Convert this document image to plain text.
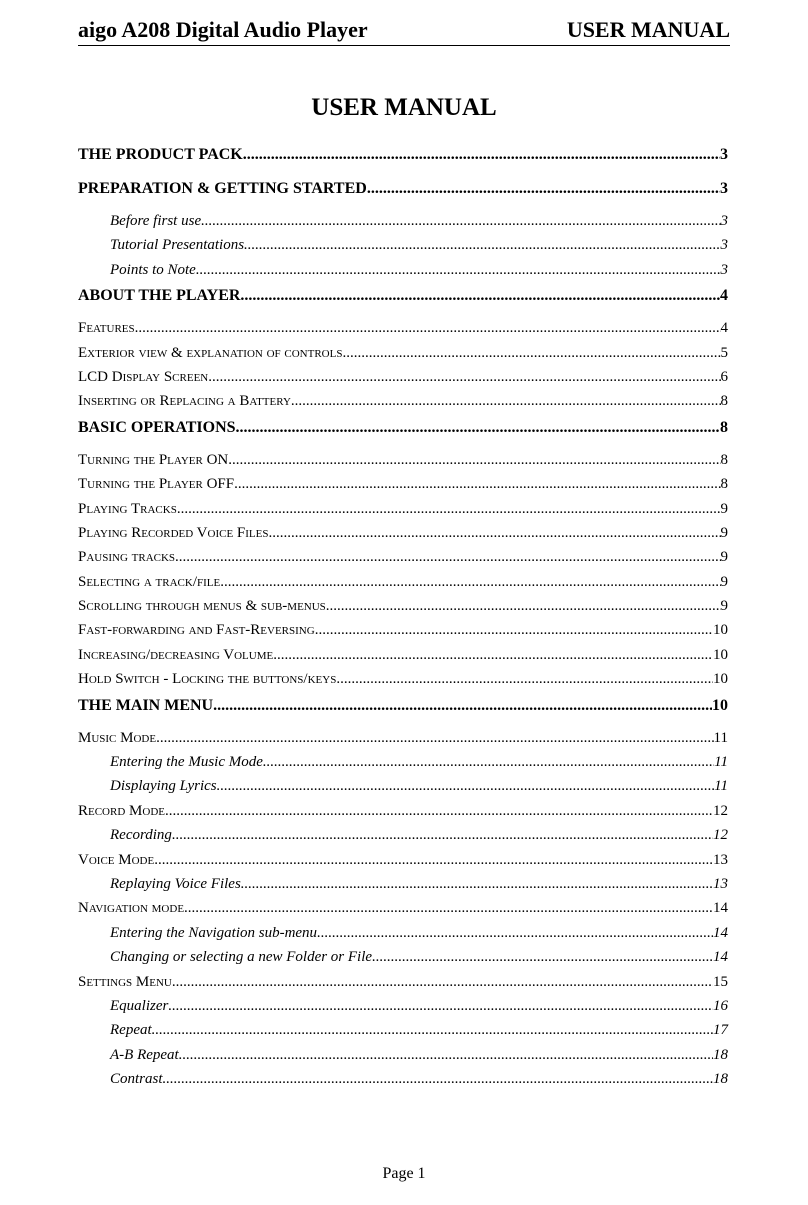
aigo A208 Digital Audio Player	USER MANUAL
USER MANUAL
THE PRODUCT PACK .....	3
PREPARATION & GETTING STARTED .....	3
Before first use .....	3
Tutorial Presentations .....	3
Points to Note .....	3
ABOUT THE PLAYER .....	4
Features .....	4
Exterior view & explanation of controls .....	5
LCD Display Screen .....	6
Inserting or Replacing a Battery .....	8
BASIC OPERATIONS .....	8
Turning the Player ON .....	8
Turning the Player OFF .....	8
Playing Tracks .....	9
Playing Recorded Voice Files .....	9
Pausing tracks .....	9
Selecting a track/file .....	9
Scrolling through menus & sub-menus .....	9
Fast-forwarding and Fast-Reversing .....	10
Increasing/decreasing Volume .....	10
Hold Switch - Locking the buttons/keys .....	10
THE MAIN MENU .....	10
Music Mode .....	11
Entering the Music Mode .....	11
Displaying Lyrics .....	11
Record Mode .....	12
Recording .....	12
Voice Mode .....	13
Replaying Voice Files .....	13
Navigation mode .....	14
Entering the Navigation sub-menu .....	14
Changing or selecting a new Folder or File .....	14
Settings Menu .....	15
Equalizer .....	16
Repeat .....	17
A-B Repeat .....	18
Contrast .....	18
Page 1
